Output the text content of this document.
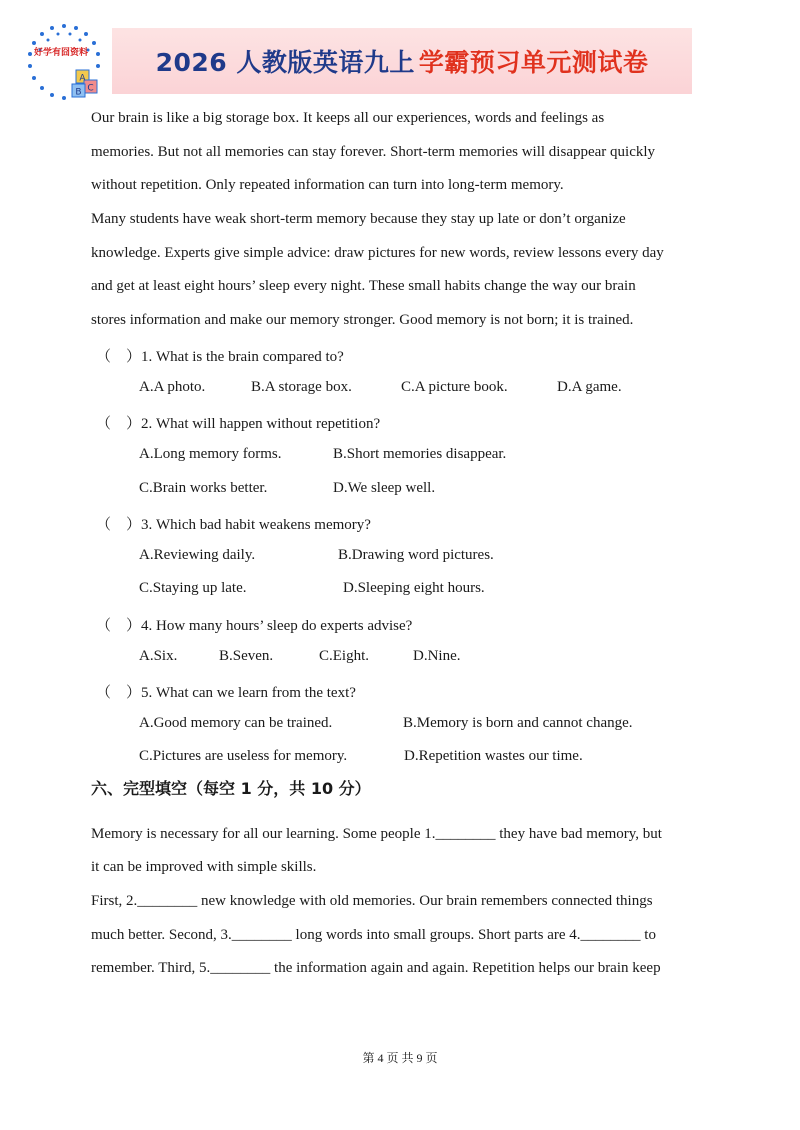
A
C
B
好学有囧资料	2026 人教版英语九上 学霸预习单元测试卷
Our brain is like a big storage box. It keeps all our experiences, words and feelings as
memories. But not all memories can stay forever. Short-term memories will disappear quickly
without repetition. Only repeated information can turn into long-term memory.
Many students have weak short-term memory because they stay up late or don’t organize
knowledge. Experts give simple advice: draw pictures for new words, review lessons every day
and get at least eight hours’ sleep every night. These small habits change the way our brain
stores information and make our memory stronger. Good memory is not born; it is trained.
（　）1. What is the brain compared to?
A.A photo.	B.A storage box.	C.A picture book.	D.A game.
（　）2. What will happen without repetition?
A.Long memory forms.	B.Short memories disappear.
C.Brain works better.	D.We sleep well.
（　）3. Which bad habit weakens memory?
A.Reviewing daily.	B.Drawing word pictures.
C.Staying up late.	D.Sleeping eight hours.
（　）4. How many hours’ sleep do experts advise?
A.Six.	B.Seven.	C.Eight.	D.Nine.
（　）5. What can we learn from the text?
A.Good memory can be trained.	B.Memory is born and cannot change.
C.Pictures are useless for memory.	D.Repetition wastes our time.
六、完型填空（每空 1 分，共 10 分）
Memory is necessary for all our learning. Some people 1.________ they have bad memory, but
it can be improved with simple skills.
First, 2.________ new knowledge with old memories. Our brain remembers connected things
much better. Second, 3.________ long words into small groups. Short parts are 4.________ to
remember. Third, 5.________ the information again and again. Repetition helps our brain keep
第 4 页 共 9 页
